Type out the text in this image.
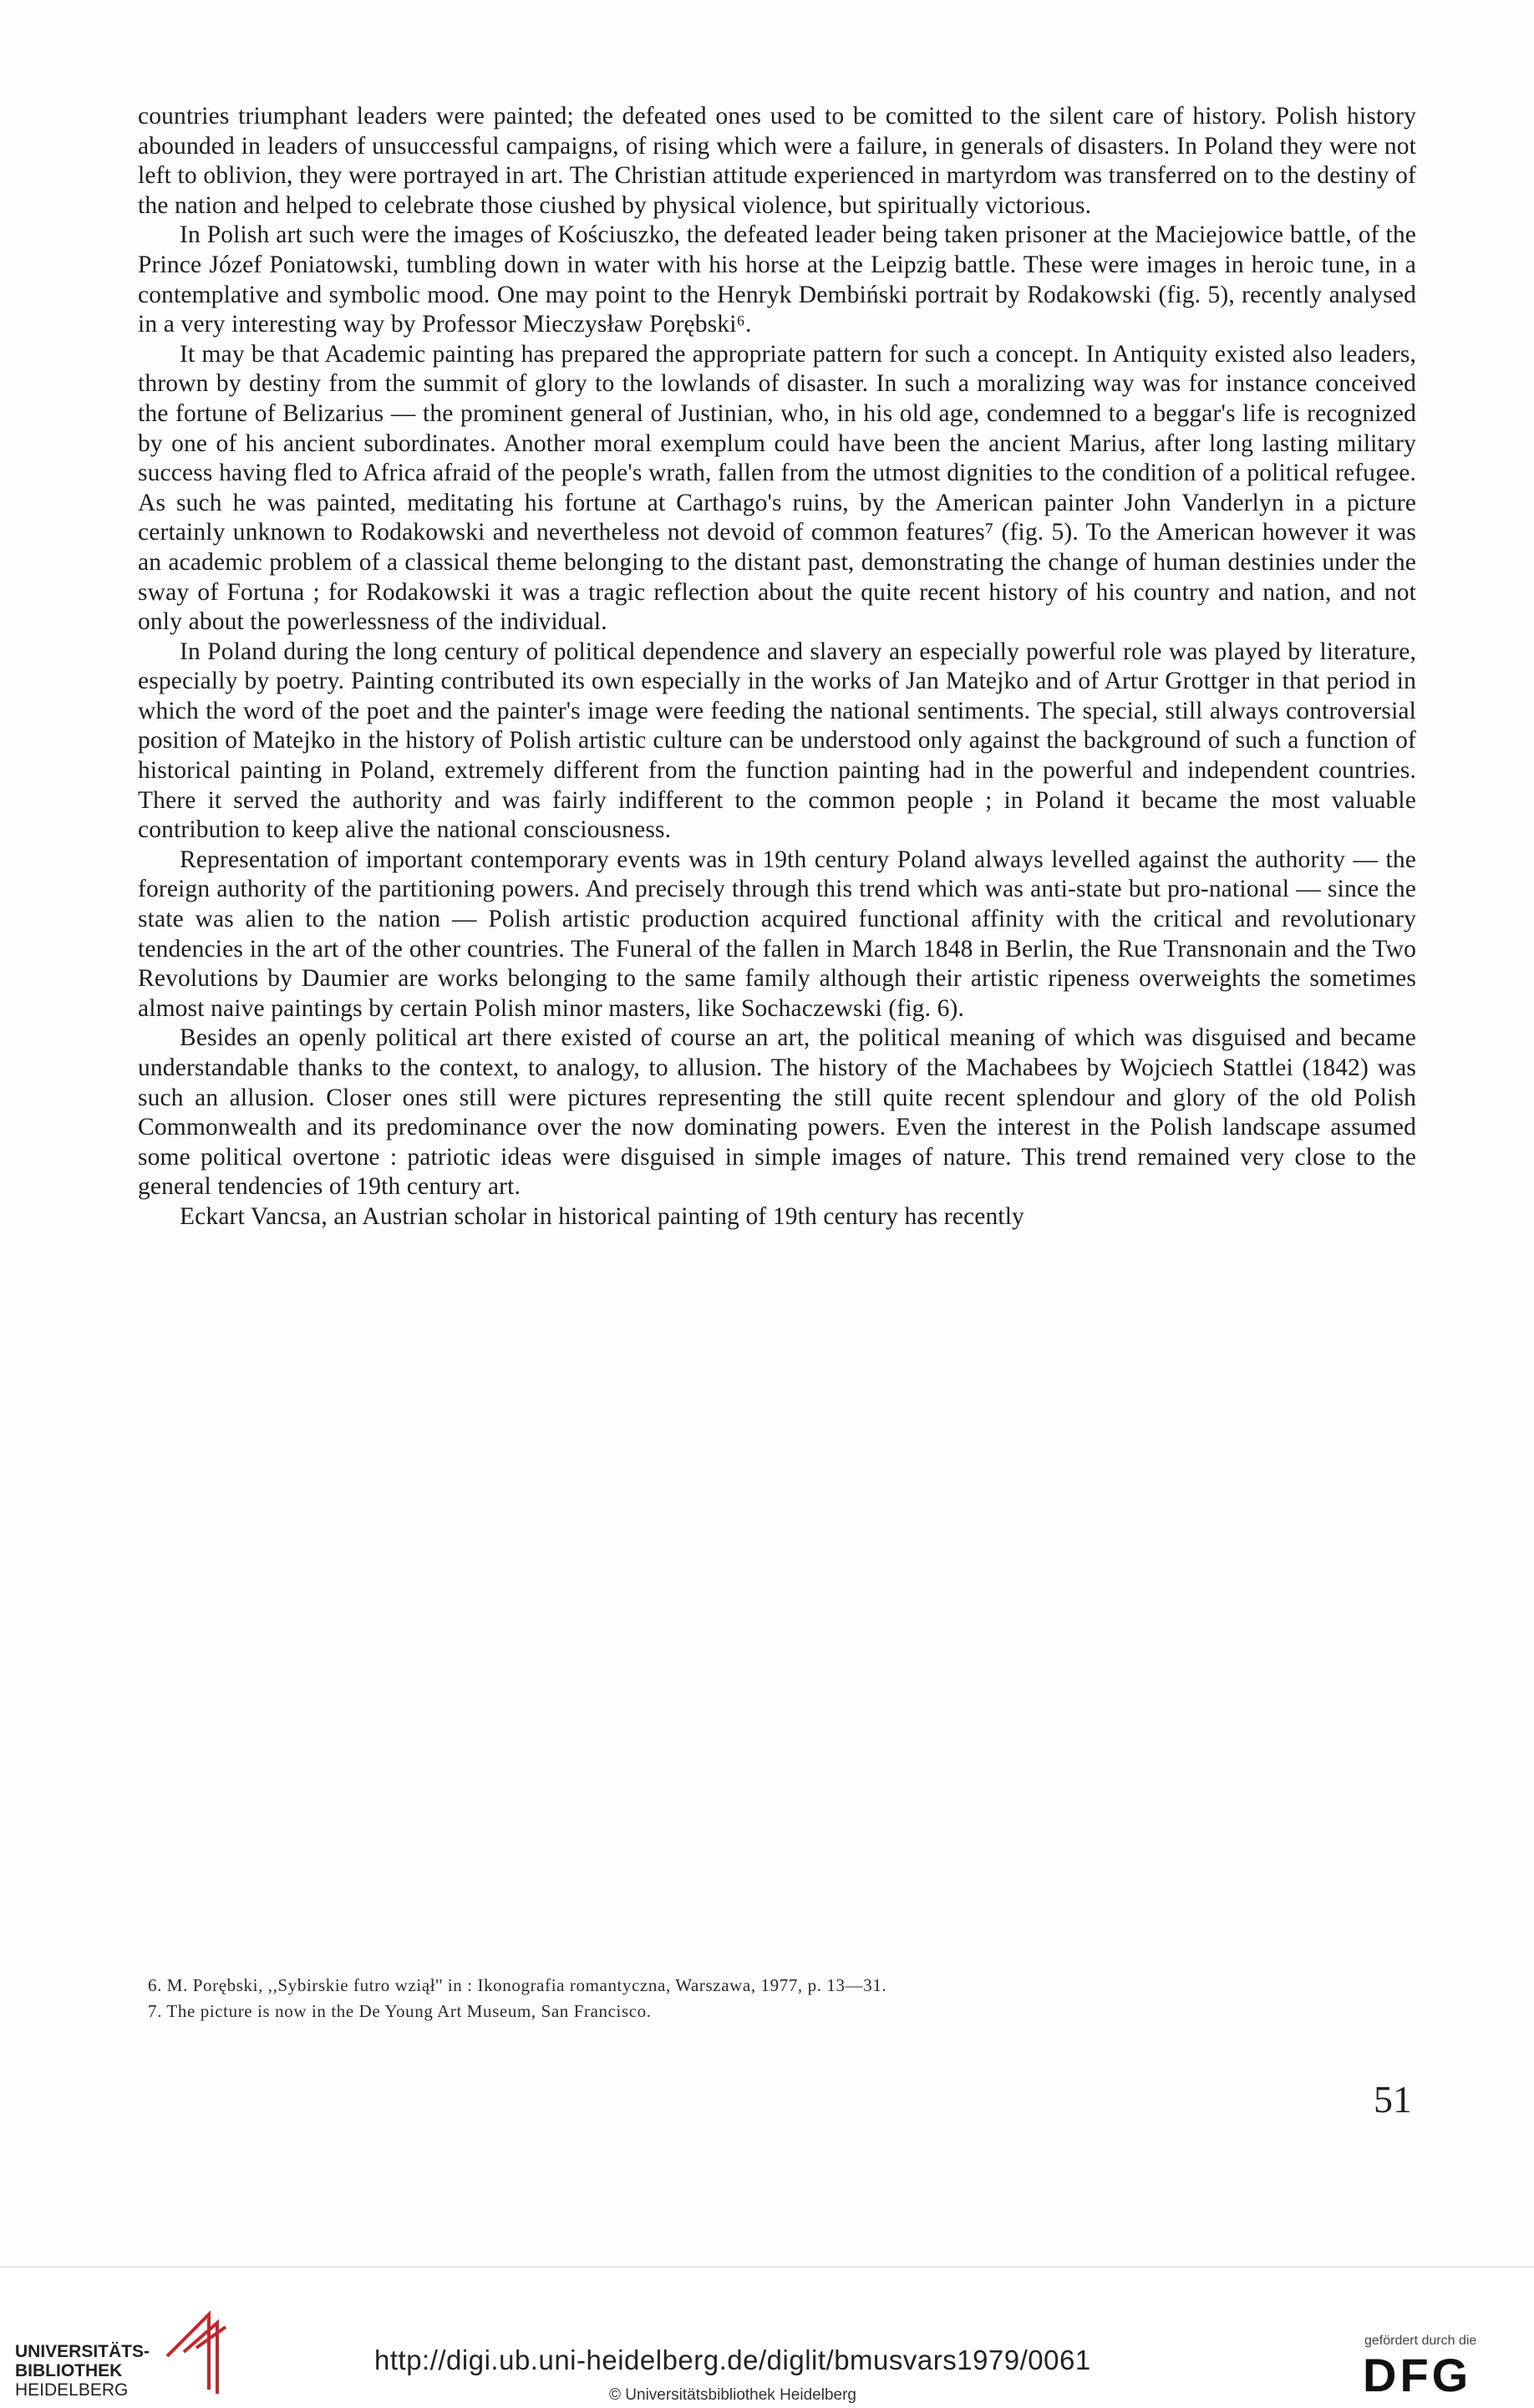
countries triumphant leaders were painted; the defeated ones used to be comitted to the silent care of history. Polish history abounded in leaders of unsuccessful campaigns, of rising which were a failure, in generals of disasters. In Poland they were not left to oblivion, they were portrayed in art. The Christian attitude experienced in martyrdom was transferred on to the destiny of the nation and helped to celebrate those ciushed by physical violence, but spiritually victorious.

In Polish art such were the images of Kościuszko, the defeated leader being taken prisoner at the Maciejowice battle, of the Prince Józef Poniatowski, tumbling down in water with his horse at the Leipzig battle. These were images in heroic tune, in a contemplative and symbolic mood. One may point to the Henryk Dembiński portrait by Rodakowski (fig. 5), recently analysed in a very interesting way by Professor Mieczysław Porębski⁶.

It may be that Academic painting has prepared the appropriate pattern for such a concept. In Antiquity existed also leaders, thrown by destiny from the summit of glory to the lowlands of disaster. In such a moralizing way was for instance conceived the fortune of Belizarius — the prominent general of Justinian, who, in his old age, condemned to a beggar's life is recognized by one of his ancient subordinates. Another moral exemplum could have been the ancient Marius, after long lasting military success having fled to Africa afraid of the people's wrath, fallen from the utmost dignities to the condition of a political refugee. As such he was painted, meditating his fortune at Carthago's ruins, by the American painter John Vanderlyn in a picture certainly unknown to Rodakowski and nevertheless not devoid of common features⁷ (fig. 5). To the American however it was an academic problem of a classical theme belonging to the distant past, demonstrating the change of human destinies under the sway of Fortuna ; for Rodakowski it was a tragic reflection about the quite recent history of his country and nation, and not only about the powerlessness of the individual.

In Poland during the long century of political dependence and slavery an especially powerful role was played by literature, especially by poetry. Painting contributed its own especially in the works of Jan Matejko and of Artur Grottger in that period in which the word of the poet and the painter's image were feeding the national sentiments. The special, still always controversial position of Matejko in the history of Polish artistic culture can be understood only against the background of such a function of historical painting in Poland, extremely different from the function painting had in the powerful and independent countries. There it served the authority and was fairly indifferent to the common people ; in Poland it became the most valuable contribution to keep alive the national consciousness.

Representation of important contemporary events was in 19th century Poland always levelled against the authority — the foreign authority of the partitioning powers. And precisely through this trend which was anti-state but pro-national — since the state was alien to the nation — Polish artistic production acquired functional affinity with the critical and revolutionary tendencies in the art of the other countries. The Funeral of the fallen in March 1848 in Berlin, the Rue Transnonain and the Two Revolutions by Daumier are works belonging to the same family although their artistic ripeness overweights the sometimes almost naive paintings by certain Polish minor masters, like Sochaczewski (fig. 6).

Besides an openly political art there existed of course an art, the political meaning of which was disguised and became understandable thanks to the context, to analogy, to allusion. The history of the Machabees by Wojciech Stattlei (1842) was such an allusion. Closer ones still were pictures representing the still quite recent splendour and glory of the old Polish Commonwealth and its predominance over the now dominating powers. Even the interest in the Polish landscape assumed some political overtone : patriotic ideas were disguised in simple images of nature. This trend remained very close to the general tendencies of 19th century art.

Eckart Vancsa, an Austrian scholar in historical painting of 19th century has recently

6. M. Porębski, ,,Sybirskie futro wziął'' in : Ikonografia romantyczna, Warszawa, 1977, p. 13—31.
7. The picture is now in the De Young Art Museum, San Francisco.
51
UNIVERSITÄTS-
BIBLIOTHEK
HEIDELBERG
http://digi.ub.uni-heidelberg.de/diglit/bmusvars1979/0061
© Universitätsbibliothek Heidelberg
gefördert durch die
DFG
